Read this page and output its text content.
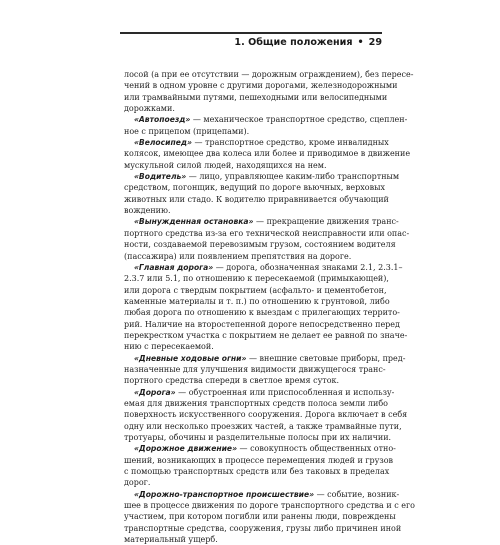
1. Общие положения • 29
лосой (а при ее отсутствии — дорожным ограждением), без пересе-
чений в одном уровне с другими дорогами, железнодорожными
или трамвайными путями, пешеходными или велосипедными
дорожками.
«Автопоезд» — механическое транспортное средство, сцеплен-
ное с прицепом (прицепами).
«Велосипед» — транспортное средство, кроме инвалидных
колясок, имеющее два колеса или более и приводимое в движение
мускульной силой людей, находящихся на нем.
«Водитель» — лицо, управляющее каким-либо транспортным
средством, погонщик, ведущий по дороге вьючных, верховых
животных или стадо. К водителю приравнивается обучающий
вождению.
«Вынужденная остановка» — прекращение движения транс-
портного средства из-за его технической неисправности или опас-
ности, создаваемой перевозимым грузом, состоянием водителя
(пассажира) или появлением препятствия на дороге.
«Главная дорога» — дорога, обозначенная знаками 2.1, 2.3.1–
2.3.7 или 5.1, по отношению к пересекаемой (примыкающей),
или дорога с твердым покрытием (асфальто- и цементобетон,
каменные материалы и т. п.) по отношению к грунтовой, либо
любая дорога по отношению к выездам с прилегающих террито-
рий. Наличие на второстепенной дороге непосредственно перед
перекрестком участка с покрытием не делает ее равной по значе-
нию с пересекаемой.
«Дневные ходовые огни» — внешние световые приборы, пред-
назначенные для улучшения видимости движущегося транс-
портного средства спереди в светлое время суток.
«Дорога» — обустроенная или приспособленная и использу-
емая для движения транспортных средств полоса земли либо
поверхность искусственного сооружения. Дорога включает в себя
одну или несколько проезжих частей, а также трамвайные пути,
тротуары, обочины и разделительные полосы при их наличии.
«Дорожное движение» — совокупность общественных отно-
шений, возникающих в процессе перемещения людей и грузов
с помощью транспортных средств или без таковых в пределах
дорог.
«Дорожно-транспортное происшествие» — событие, возник-
шее в процессе движения по дороге транспортного средства и с его
участием, при котором погибли или ранены люди, повреждены
транспортные средства, сооружения, грузы либо причинен иной
материальный ущерб.
